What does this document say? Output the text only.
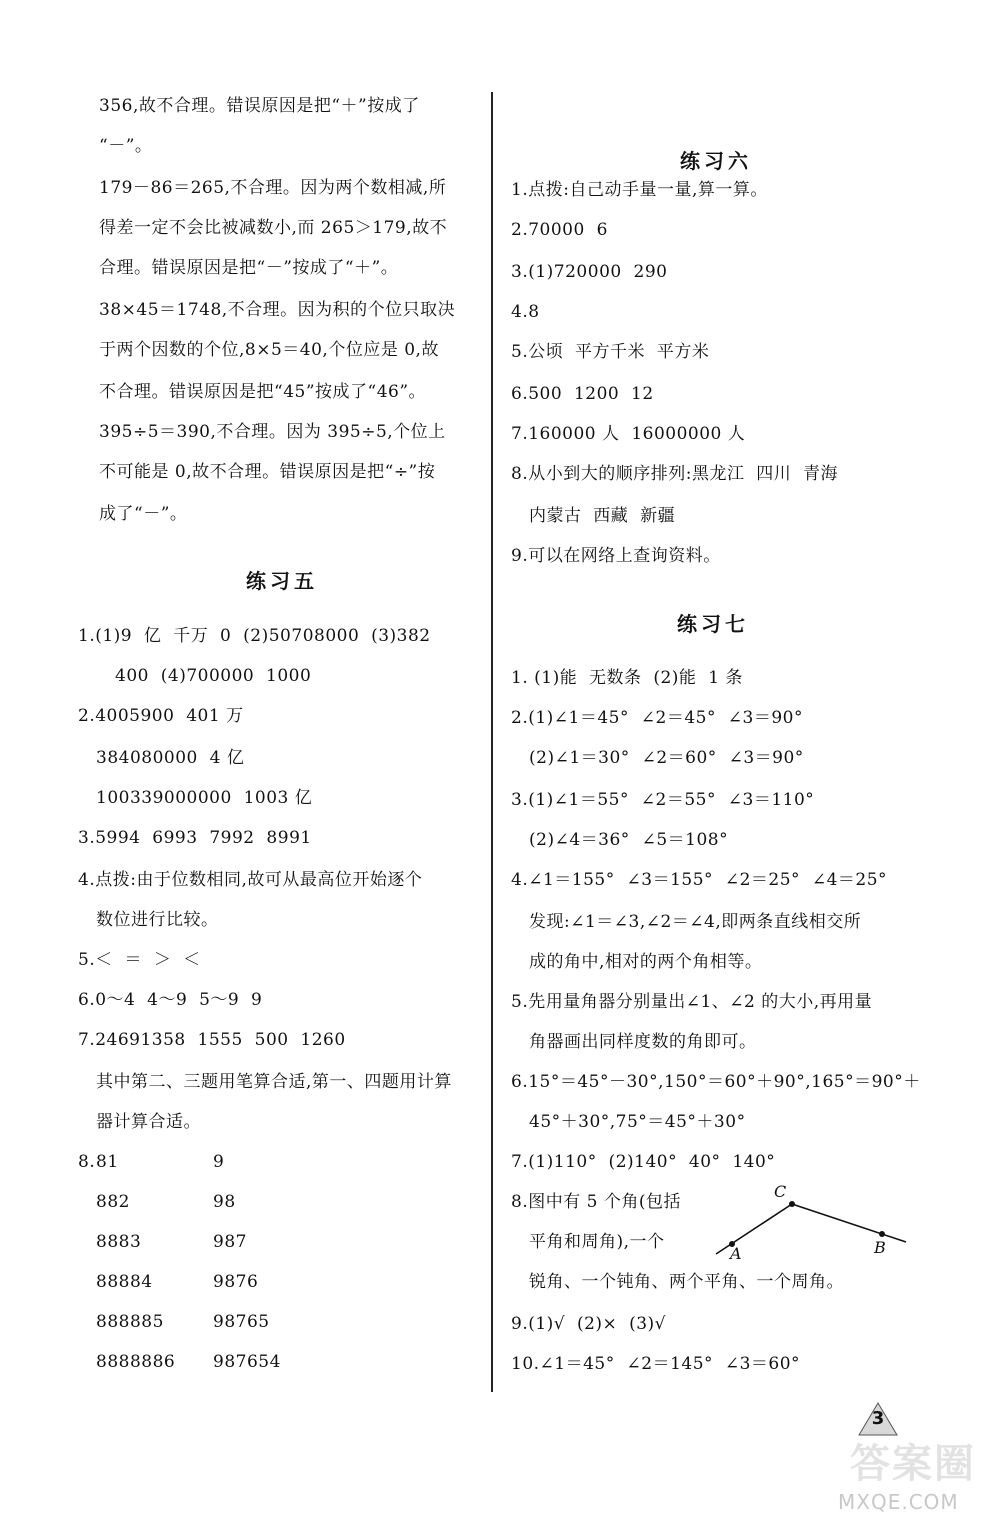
356,故不合理。错误原因是把“＋”按成了
“－”。
179－86＝265,不合理。因为两个数相减,所
得差一定不会比被减数小,而 265＞179,故不
合理。错误原因是把“－”按成了“＋”。
38×45＝1748,不合理。因为积的个位只取决
于两个因数的个位,8×5＝40,个位应是 0,故
不合理。错误原因是把“45”按成了“46”。
395÷5＝390,不合理。因为 395÷5,个位上
不可能是 0,故不合理。错误原因是把“÷”按
成了“－”。
练习五
1.(1)9  亿  千万  0  (2)50708000  (3)382
400  (4)700000  1000
2.4005900  401 万
384080000  4 亿
100339000000  1003 亿
3.5994  6993  7992  8991
4.点拨:由于位数相同,故可从最高位开始逐个
数位进行比较。
5.＜  ＝  ＞  ＜
6.0～4  4～9  5～9  9
7.24691358  1555  500  1260
其中第二、三题用笔算合适,第一、四题用计算
器计算合适。
8. 81	9
882	98
8883	987
88884	9876
888885	98765
8888886 987654
练习六
1.点拨:自己动手量一量,算一算。
2.70000  6
3.(1)720000  290
4.8
5.公顷  平方千米  平方米
6.500  1200  12
7.160000 人  16000000 人
8.从小到大的顺序排列:黑龙江  四川  青海
内蒙古  西藏  新疆
9.可以在网络上查询资料。
练习七
1. (1)能  无数条  (2)能  1 条
2.(1)∠1＝45°  ∠2＝45°  ∠3＝90°
(2)∠1＝30°  ∠2＝60°  ∠3＝90°
3.(1)∠1＝55°  ∠2＝55°  ∠3＝110°
(2)∠4＝36°  ∠5＝108°
4.∠1＝155°  ∠3＝155°  ∠2＝25°  ∠4＝25°
发现:∠1＝∠3,∠2＝∠4,即两条直线相交所
成的角中,相对的两个角相等。
5.先用量角器分别量出∠1、∠2 的大小,再用量
角器画出同样度数的角即可。
6.15°＝45°－30°,150°＝60°＋90°,165°＝90°＋
45°＋30°,75°＝45°＋30°
7.(1)110°  (2)140°  40°  140°
8.图中有 5 个角(包括
平角和周角),一个
锐角、一个钝角、两个平角、一个周角。
9.(1)√  (2)×  (3)√
10.∠1＝45°  ∠2＝145°  ∠3＝60°
C
A	B
3
答案圈
MXQE.COM
